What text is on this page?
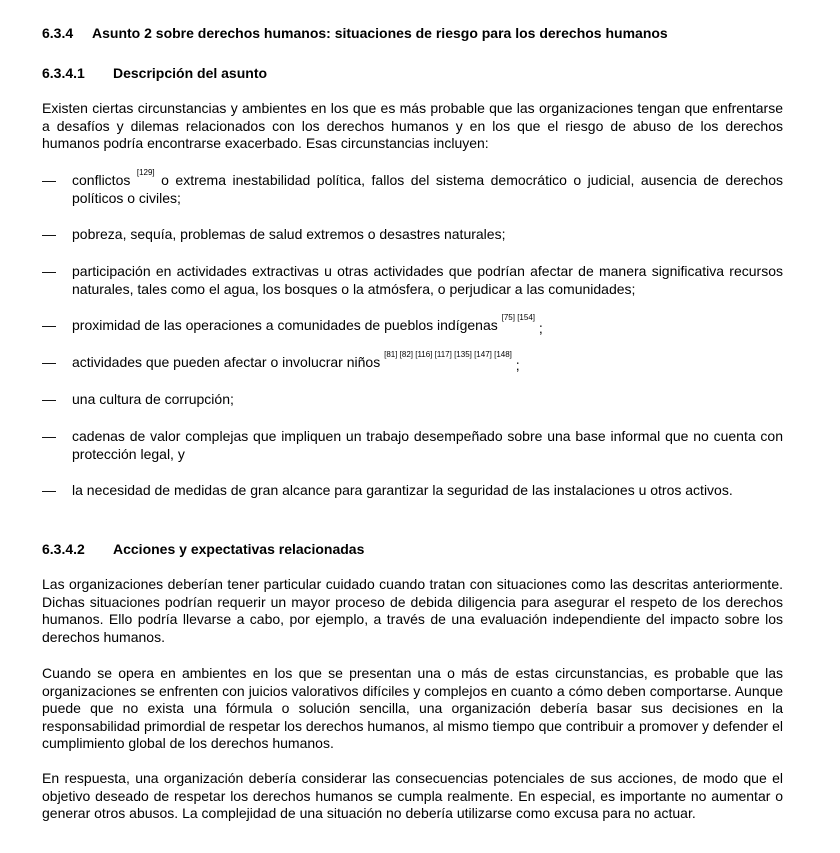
6.3.4 Asunto 2 sobre derechos humanos: situaciones de riesgo para los derechos humanos
6.3.4.1 Descripción del asunto

Existen ciertas circunstancias y ambientes en los que es más probable que las organizaciones tengan que enfrentarse a desafíos y dilemas relacionados con los derechos humanos y en los que el riesgo de abuso de los derechos humanos podría encontrarse exacerbado. Esas circunstancias incluyen:

— conflictos [129] o extrema inestabilidad política, fallos del sistema democrático o judicial, ausencia de derechos políticos o civiles;
— pobreza, sequía, problemas de salud extremos o desastres naturales;
— participación en actividades extractivas u otras actividades que podrían afectar de manera significativa recursos naturales, tales como el agua, los bosques o la atmósfera, o perjudicar a las comunidades;
— proximidad de las operaciones a comunidades de pueblos indígenas [75] [154] ;
— actividades que pueden afectar o involucrar niños [81] [82] [116] [117] [135] [147] [148] ;
— una cultura de corrupción;
— cadenas de valor complejas que impliquen un trabajo desempeñado sobre una base informal que no cuenta con protección legal, y
— la necesidad de medidas de gran alcance para garantizar la seguridad de las instalaciones u otros activos.
6.3.4.2 Acciones y expectativas relacionadas

Las organizaciones deberían tener particular cuidado cuando tratan con situaciones como las descritas anteriormente. Dichas situaciones podrían requerir un mayor proceso de debida diligencia para asegurar el respeto de los derechos humanos. Ello podría llevarse a cabo, por ejemplo, a través de una evaluación independiente del impacto sobre los derechos humanos.

Cuando se opera en ambientes en los que se presentan una o más de estas circunstancias, es probable que las organizaciones se enfrenten con juicios valorativos difíciles y complejos en cuanto a cómo deben comportarse. Aunque puede que no exista una fórmula o solución sencilla, una organización debería basar sus decisiones en la responsabilidad primordial de respetar los derechos humanos, al mismo tiempo que contribuir a promover y defender el cumplimiento global de los derechos humanos.

En respuesta, una organización debería considerar las consecuencias potenciales de sus acciones, de modo que el objetivo deseado de respetar los derechos humanos se cumpla realmente. En especial, es importante no aumentar o generar otros abusos. La complejidad de una situación no debería utilizarse como excusa para no actuar.
